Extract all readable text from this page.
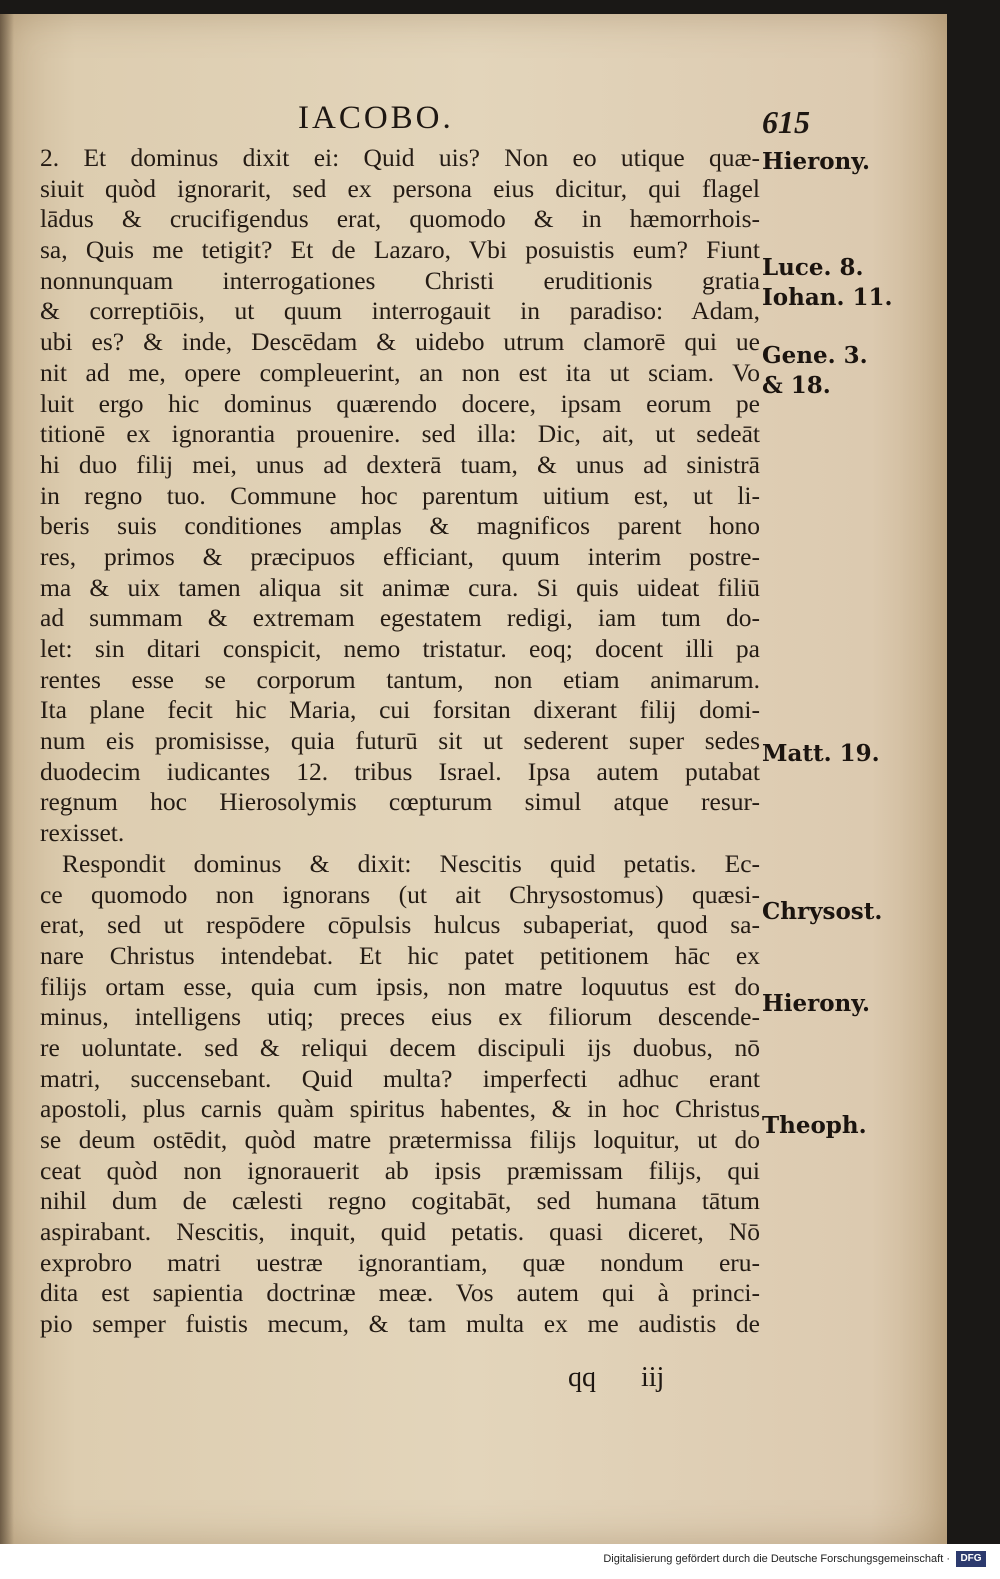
IACOBO.	615
2. Et dominus dixit ei: Quid uis? Non eo utique quæ-
siuit quòd ignorarit, sed ex persona eius dicitur, qui flagel
lādus & crucifigendus erat, quomodo & in hæmorrhois-
sa, Quis me tetigit? Et de Lazaro, Vbi posuistis eum? Fiunt
nonnunquam interrogationes Christi eruditionis gratia
& correptiōis, ut quum interrogauit in paradiso: Adam,
ubi es? & inde, Descēdam & uidebo utrum clamorē qui ue
nit ad me, opere compleuerint, an non est ita ut sciam. Vo
luit ergo hic dominus quærendo docere, ipsam eorum pe
titionē ex ignorantia prouenire. sed illa: Dic, ait, ut sedeāt
hi duo filij mei, unus ad dexterā tuam, & unus ad sinistrā
in regno tuo. Commune hoc parentum uitium est, ut li-
beris suis conditiones amplas & magnificos parent hono
res, primos & præcipuos efficiant, quum interim postre-
ma & uix tamen aliqua sit animæ cura. Si quis uideat filiū
ad summam & extremam egestatem redigi, iam tum do-
let: sin ditari conspicit, nemo tristatur. eoq; docent illi pa
rentes esse se corporum tantum, non etiam animarum.
Ita plane fecit hic Maria, cui forsitan dixerant filij domi-
num eis promisisse, quia futurū sit ut sederent super sedes
duodecim iudicantes 12. tribus Israel. Ipsa autem putabat
regnum hoc Hierosolymis cœpturum simul atque resur-
rexisset.
Respondit dominus & dixit: Nescitis quid petatis. Ec-
ce quomodo non ignorans (ut ait Chrysostomus) quæsi-
erat, sed ut respōdere cōpulsis hulcus subaperiat, quod sa-
nare Christus intendebat. Et hic patet petitionem hāc ex
filijs ortam esse, quia cum ipsis, non matre loquutus est do
minus, intelligens utiq; preces eius ex filiorum descende-
re uoluntate. sed & reliqui decem discipuli ijs duobus, nō
matri, succensebant. Quid multa? imperfecti adhuc erant
apostoli, plus carnis quàm spiritus habentes, & in hoc Christus
se deum ostēdit, quòd matre prætermissa filijs loquitur, ut do
ceat quòd non ignorauerit ab ipsis præmissam filijs, qui
nihil dum de cælesti regno cogitabāt, sed humana tātum
aspirabant. Nescitis, inquit, quid petatis. quasi diceret, Nō
exprobro matri uestræ ignorantiam, quæ nondum eru-
dita est sapientia doctrinæ meæ. Vos autem qui à princi-
pio semper fuistis mecum, & tam multa ex me audistis de
Hierony.
Luce. 8.
Iohan. 11.
Gene. 3.
& 18.
Matt. 19.
Chrysost.
Hierony.
Theoph.
qq iij
Digitalisierung gefördert durch die Deutsche Forschungsgemeinschaft ·	DFG
